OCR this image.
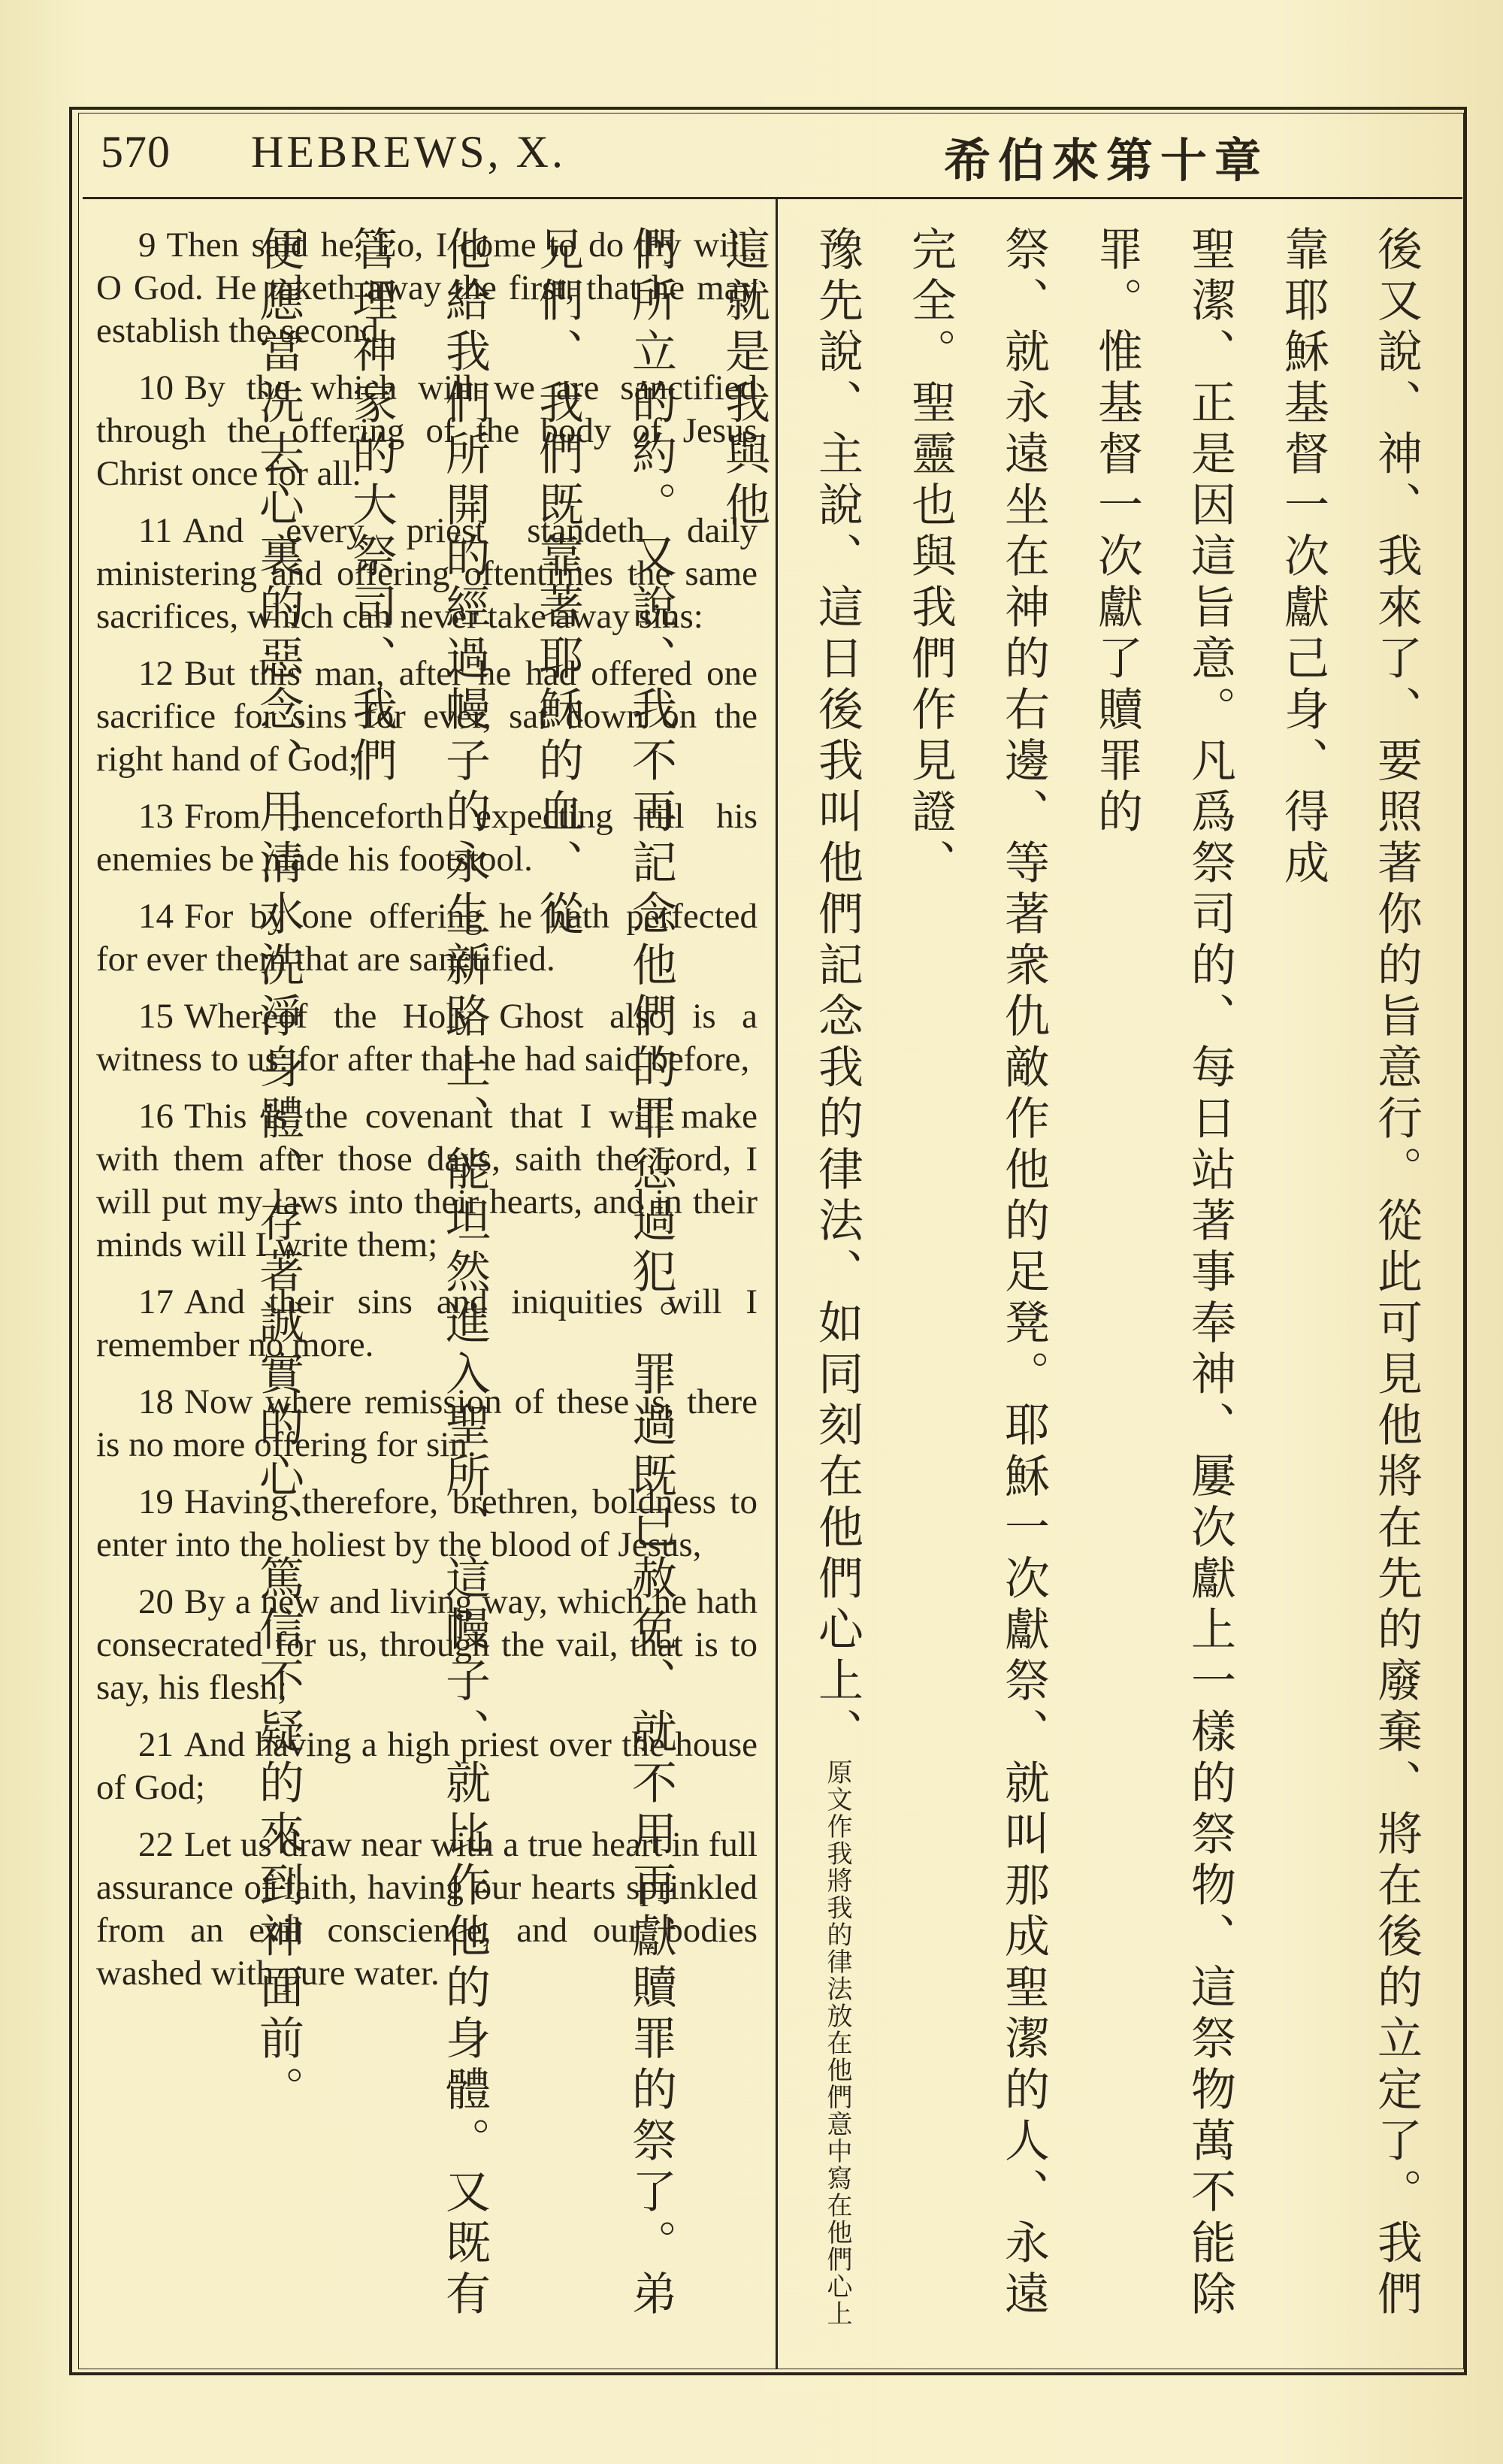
570 HEBREWS, X.	希伯來第十章

9 Then said he, Lo, I come to do thy will, O God. He taketh away the first, that he may establish the second.

10 By the which will we are sanctified through the offering of the body of Jesus Christ once for all.

11 And every priest standeth daily ministering and offering oftentimes the same sacrifices, which can never take away sins:

12 But this man, after he had offered one sacrifice for sins for ever, sat down on the right hand of God;

13 From henceforth expecting till his enemies be made his footstool.

14 For by one offering he hath perfected for ever them that are sanctified.

15 Whereof the Holy Ghost also is a witness to us: for after that he had said before,

16 This is the covenant that I will make with them after those days, saith the Lord, I will put my laws into their hearts, and in their minds will I write them;

17 And their sins and iniquities will I remember no more.

18 Now where remission of these is, there is no more offering for sin.

19 Having therefore, brethren, boldness to enter into the holiest by the blood of Jesus,

20 By a new and living way, which he hath consecrated for us, through the vail, that is to say, his flesh;

21 And having a high priest over the house of God;

22 Let us draw near with a true heart in full assurance of faith, having our hearts sprinkled from an evil conscience, and our bodies washed with pure water.	後又說、神、我來了、要照著你的旨意行。從此可見他將在先的廢棄、將在後的立定了。我們靠耶穌基督一次獻己身、得成

聖潔、正是因這旨意。凡爲祭司的、每日站著事奉神、屢次獻上一樣的祭物、這祭物萬不能除罪。惟基督一次獻了贖罪的

祭、就永遠坐在神的右邊、等著衆仇敵作他的足凳。耶穌一次獻祭、就叫那成聖潔的人、永遠完全。聖靈也與我們作見證、

豫先說、主說、這日後我叫他們記念我的律法、如同刻在他們心上、原文作我將我的律法放在他們意中寫在他們心上這就是我與他

們所立的約。又說、我不再記念他們的罪愆過犯。罪過既已赦免、就不用再獻贖罪的祭了。弟兄們、我們既靠著耶穌的血、從

他給我們所開的經過幔子的永生新路上、能坦然進入聖所、這幔子、就比作他的身體。又既有管理神家的大祭司、我們

便應當洗去心裏的惡念、用清水洗淨身體、存著誠實的心、篤信不疑的來到神面前。
